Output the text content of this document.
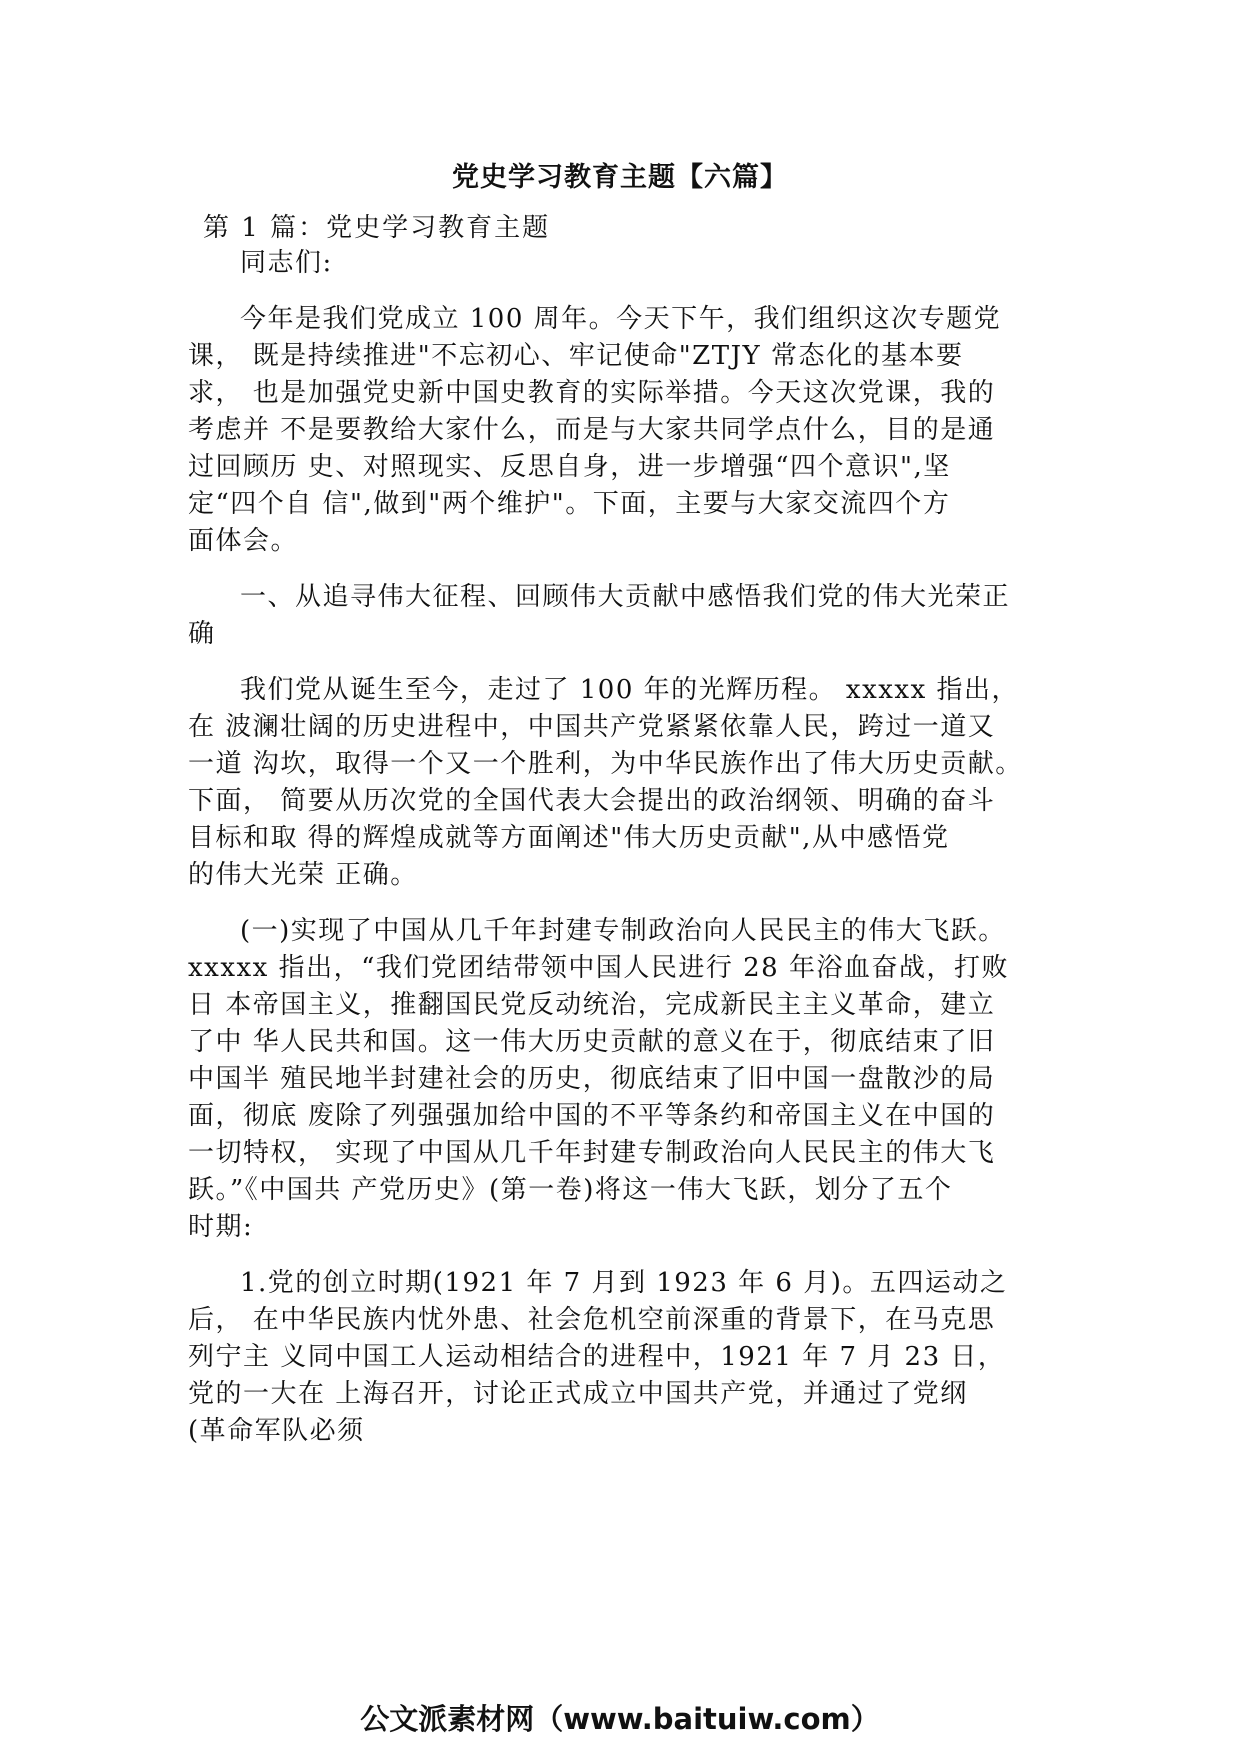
党史学习教育主题【六篇】
第 1 篇：党史学习教育主题

同志们:

今年是我们党成立 100 周年。今天下午，我们组织这次专题党
课， 既是持续推进"不忘初心、牢记使命"ZTJY 常态化的基本要
求， 也是加强党史新中国史教育的实际举措。今天这次党课，我的
考虑并 不是要教给大家什么，而是与大家共同学点什么，目的是通
过回顾历 史、对照现实、反思自身，进一步增强“四个意识",坚
定“四个自 信",做到"两个维护"。下面，主要与大家交流四个方
面体会。

一、从追寻伟大征程、回顾伟大贡献中感悟我们党的伟大光荣正
确

我们党从诞生至今，走过了 100 年的光辉历程。 xxxxx 指出，
在 波澜壮阔的历史进程中，中国共产党紧紧依靠人民，跨过一道又
一道 沟坎，取得一个又一个胜利，为中华民族作出了伟大历史贡献。
下面， 简要从历次党的全国代表大会提出的政治纲领、明确的奋斗
目标和取 得的辉煌成就等方面阐述"伟大历史贡献",从中感悟党
的伟大光荣 正确。

(一)实现了中国从几千年封建专制政治向人民民主的伟大飞跃。
xxxxx 指出，“我们党团结带领中国人民进行 28 年浴血奋战，打败
日 本帝国主义，推翻国民党反动统治，完成新民主主义革命，建立
了中 华人民共和国。这一伟大历史贡献的意义在于，彻底结束了旧
中国半 殖民地半封建社会的历史，彻底结束了旧中国一盘散沙的局
面，彻底 废除了列强强加给中国的不平等条约和帝国主义在中国的
一切特权， 实现了中国从几千年封建专制政治向人民民主的伟大飞
跃。”《中国共 产党历史》(第一卷)将这一伟大飞跃，划分了五个
时期:

1.党的创立时期(1921 年 7 月到 1923 年 6 月)。五四运动之
后， 在中华民族内忧外患、社会危机空前深重的背景下，在马克思
列宁主 义同中国工人运动相结合的进程中，1921 年 7 月 23 日，
党的一大在 上海召开，讨论正式成立中国共产党，并通过了党纲
(革命军队必须

公文派素材网（www.baituiw.com）
